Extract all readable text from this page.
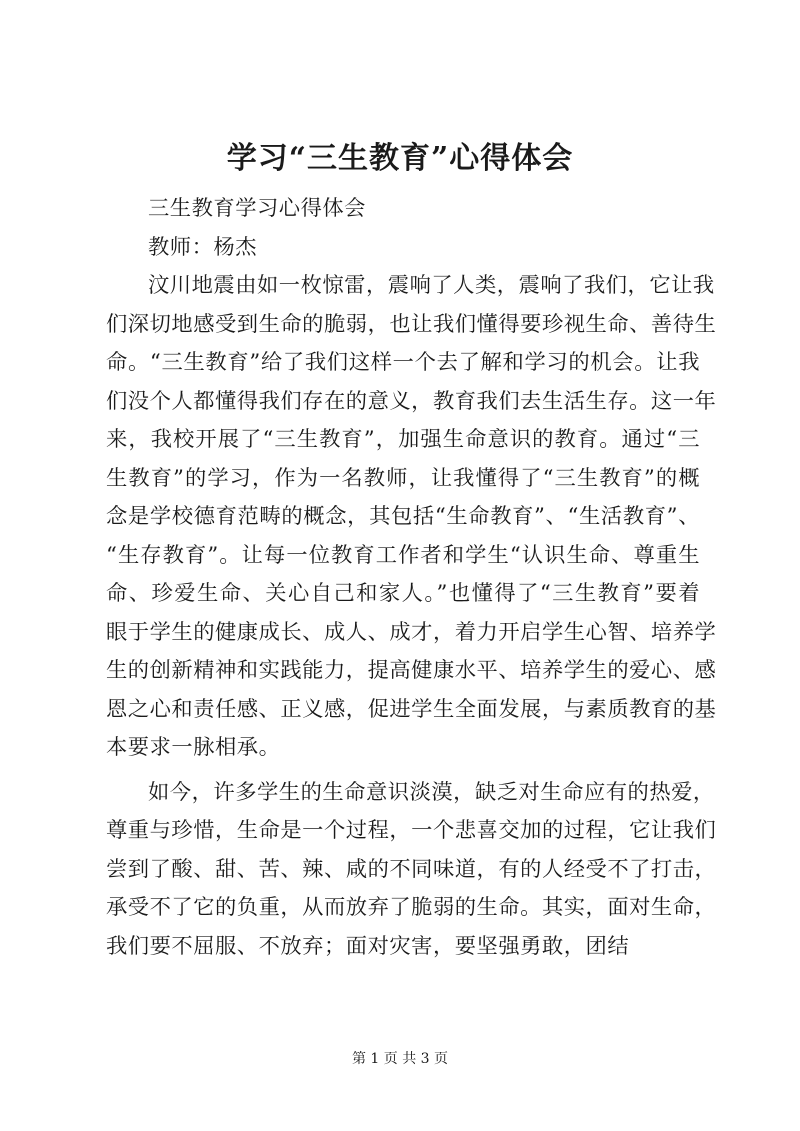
学习“三生教育”心得体会
三生教育学习心得体会
教师：杨杰
汶川地震由如一枚惊雷，震响了人类，震响了我们，它让我
们深切地感受到生命的脆弱，也让我们懂得要珍视生命、善待生
命。“三生教育”给了我们这样一个去了解和学习的机会。让我
们没个人都懂得我们存在的意义，教育我们去生活生存。这一年
来，我校开展了“三生教育”，加强生命意识的教育。通过“三
生教育”的学习，作为一名教师，让我懂得了“三生教育”的概
念是学校德育范畴的概念，其包括“生命教育”、“生活教育”、
“生存教育”。让每一位教育工作者和学生“认识生命、尊重生
命、珍爱生命、关心自己和家人。”也懂得了“三生教育”要着
眼于学生的健康成长、成人、成才，着力开启学生心智、培养学
生的创新精神和实践能力，提高健康水平、培养学生的爱心、感
恩之心和责任感、正义感，促进学生全面发展，与素质教育的基
本要求一脉相承。
如今，许多学生的生命意识淡漠，缺乏对生命应有的热爱，
尊重与珍惜，生命是一个过程，一个悲喜交加的过程，它让我们
尝到了酸、甜、苦、辣、咸的不同味道，有的人经受不了打击，
承受不了它的负重，从而放弃了脆弱的生命。其实，面对生命，
我们要不屈服、不放弃；面对灾害，要坚强勇敢，团结
第 1 页 共 3 页
